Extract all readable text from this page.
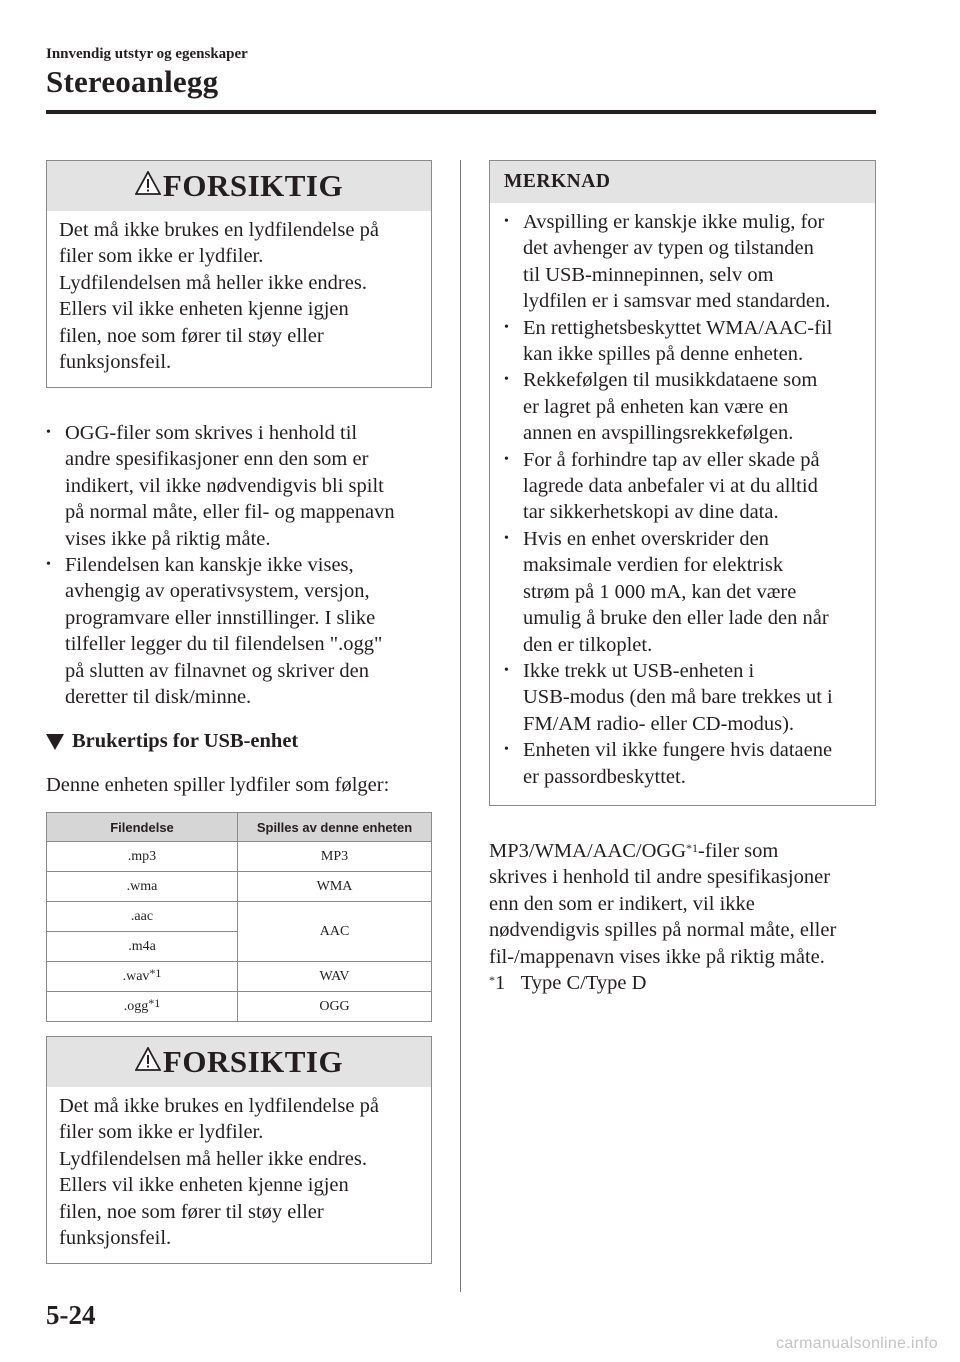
Innvendig utstyr og egenskaper
Stereoanlegg
FORSIKTIG

Det må ikke brukes en lydfilendelse på

filer som ikke er lydfiler.

Lydfilendelsen må heller ikke endres.

Ellers vil ikke enheten kjenne igjen

filen, noe som fører til støy eller

funksjonsfeil.

• OGG-filer som skrives i henhold til
andre spesifikasjoner enn den som er
indikert, vil ikke nødvendigvis bli spilt
på normal måte, eller fil- og mappenavn
vises ikke på riktig måte.
• Filendelsen kan kanskje ikke vises,
avhengig av operativsystem, versjon,
programvare eller innstillinger. I slike
tilfeller legger du til filendelsen ".ogg"
på slutten av filnavnet og skriver den
deretter til disk/minne.
Brukertips for USB-enhet
Denne enheten spiller lydfiler som følger:
Filendelse	Spilles av denne enheten
.mp3	MP3
.wma	WMA
.aac	AAC
.m4a	
.wav$^{*1}$	WAV
.ogg$^{*1}$	OGG
FORSIKTIG

Det må ikke brukes en lydfilendelse på

filer som ikke er lydfiler.

Lydfilendelsen må heller ikke endres.

Ellers vil ikke enheten kjenne igjen

filen, noe som fører til støy eller

funksjonsfeil.

MERKNAD
• Avspilling er kanskje ikke mulig, for
det avhenger av typen og tilstanden
til USB-minnepinnen, selv om
lydfilen er i samsvar med standarden.
• En rettighetsbeskyttet WMA/AAC-fil
kan ikke spilles på denne enheten.
• Rekkefølgen til musikkdataene som
er lagret på enheten kan være en
annen en avspillingsrekkefølgen.
• For å forhindre tap av eller skade på
lagrede data anbefaler vi at du alltid
tar sikkerhetskopi av dine data.
• Hvis en enhet overskrider den
maksimale verdien for elektrisk
strøm på 1 000 mA, kan det være
umulig å bruke den eller lade den når
den er tilkoplet.
• Ikke trekk ut USB-enheten i
USB-modus (den må bare trekkes ut i
FM/AM radio- eller CD-modus).
• Enheten vil ikke fungere hvis dataene
er passordbeskyttet.
MP3/WMA/AAC/OGG$^{*1}$-filer som
skrives i henhold til andre spesifikasjoner
enn den som er indikert, vil ikke
nødvendigvis spilles på normal måte, eller
fil-/mappenavn vises ikke på riktig måte.
*1 Type C/Type D
5-24
carmanualsonline.info
